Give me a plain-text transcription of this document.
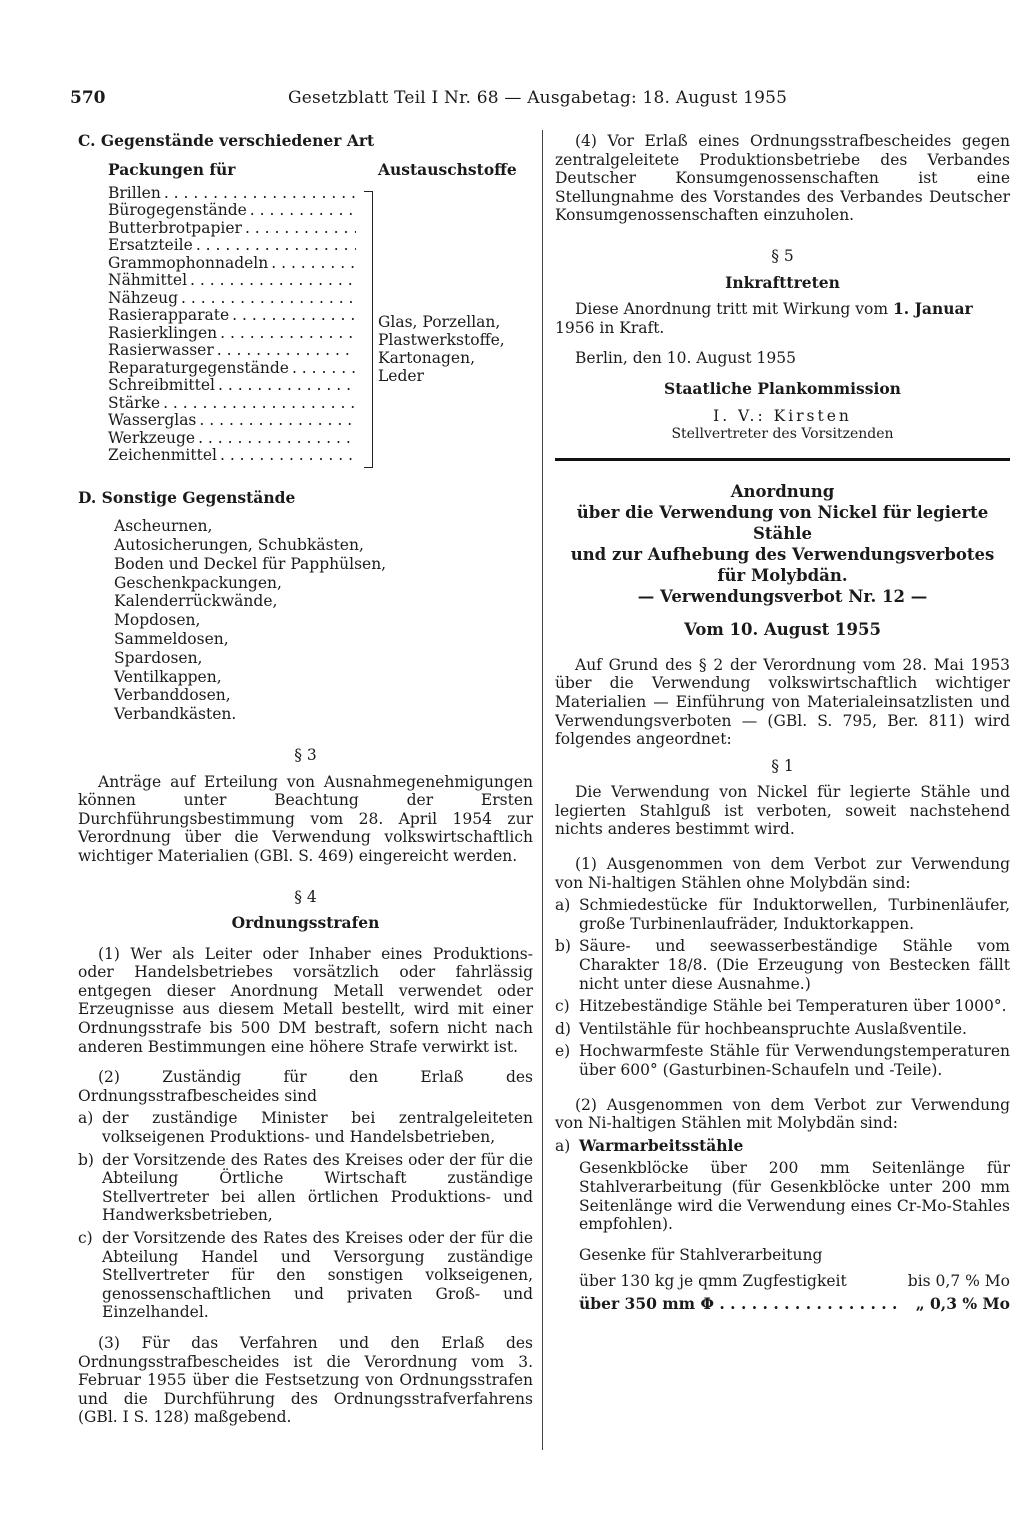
570	Gesetzblatt Teil I Nr. 68 — Ausgabetag: 18. August 1955
C. Gegenstände verschiedener Art
Packungen für	Austauschstoffe
Brillen
. . .
Bürogegenstände
. . .
Butterbrotpapier
. . .
Ersatzteile
. . .
Grammophonnadeln
. . .
Nähmittel
. . .
Nähzeug
. . .
Rasierapparate
. . .
Rasierklingen
. . .
Rasierwasser
. . .
Reparaturgegenstände
. . .
Schreibmittel
. . .
Stärke
. . .
Wasserglas
. . .
Werkzeuge
. . .
Zeichenmittel
. . .
Glas, Porzellan,
Plastwerkstoffe,
Kartonagen,
Leder
D. Sonstige Gegenstände
Ascheurnen,
Autosicherungen, Schubkästen,
Boden und Deckel für Papphülsen,
Geschenkpackungen,
Kalenderrückwände,
Mopdosen,
Sammeldosen,
Spardosen,
Ventilkappen,
Verbanddosen,
Verbandkästen.
§ 3

Anträge auf Erteilung von Ausnahmegenehmigungen können unter Beachtung der Ersten Durchführungsbestimmung vom 28. April 1954 zur Verordnung über die Verwendung volkswirtschaftlich wichtiger Materialien (GBl. S. 469) eingereicht werden.

§ 4
Ordnungsstrafen

(1) Wer als Leiter oder Inhaber eines Produktions- oder Handelsbetriebes vorsätzlich oder fahrlässig entgegen dieser Anordnung Metall verwendet oder Erzeugnisse aus diesem Metall bestellt, wird mit einer Ordnungsstrafe bis 500 DM bestraft, sofern nicht nach anderen Bestimmungen eine höhere Strafe verwirkt ist.

(2) Zuständig für den Erlaß des Ordnungsstrafbescheides sind

a) der zuständige Minister bei zentralgeleiteten volkseigenen Produktions- und Handelsbetrieben,
b) der Vorsitzende des Rates des Kreises oder der für die Abteilung Örtliche Wirtschaft zuständige Stellvertreter bei allen örtlichen Produktions- und Handwerksbetrieben,
c) der Vorsitzende des Rates des Kreises oder der für die Abteilung Handel und Versorgung zuständige Stellvertreter für den sonstigen volkseigenen, genossenschaftlichen und privaten Groß- und Einzelhandel.

(3) Für das Verfahren und den Erlaß des Ordnungsstrafbescheides ist die Verordnung vom 3. Februar 1955 über die Festsetzung von Ordnungsstrafen und die Durchführung des Ordnungsstrafverfahrens (GBl. I S. 128) maßgebend.

(4) Vor Erlaß eines Ordnungsstrafbescheides gegen zentralgeleitete Produktionsbetriebe des Verbandes Deutscher Konsumgenossenschaften ist eine Stellungnahme des Vorstandes des Verbandes Deutscher Konsumgenossenschaften einzuholen.

§ 5
Inkrafttreten

Diese Anordnung tritt mit Wirkung vom 1. Januar
1956 in Kraft.

Berlin, den 10. August 1955

Staatliche Plankommission
I. V.: Kirsten
Stellvertreter des Vorsitzenden
Anordnung
über die Verwendung von Nickel für legierte Stähle
und zur Aufhebung des Verwendungsverbotes
für Molybdän.
— Verwendungsverbot Nr. 12 —
Vom 10. August 1955

Auf Grund des § 2 der Verordnung vom 28. Mai 1953 über die Verwendung volkswirtschaftlich wichtiger Materialien — Einführung von Materialeinsatzlisten und Verwendungsverboten — (GBl. S. 795, Ber. 811) wird folgendes angeordnet:

§ 1

Die Verwendung von Nickel für legierte Stähle und legierten Stahlguß ist verboten, soweit nachstehend nichts anderes bestimmt wird.

(1) Ausgenommen von dem Verbot zur Verwendung von Ni-haltigen Stählen ohne Molybdän sind:

a) Schmiedestücke für Induktorwellen, Turbinenläufer, große Turbinenlaufräder, Induktorkappen.
b) Säure- und seewasserbeständige Stähle vom Charakter 18/8. (Die Erzeugung von Bestecken fällt nicht unter diese Ausnahme.)
c) Hitzebeständige Stähle bei Temperaturen über 1000°.
d) Ventilstähle für hochbeanspruchte Auslaßventile.
e) Hochwarmfeste Stähle für Verwendungstemperaturen über 600° (Gasturbinen-Schaufeln und -Teile).

(2) Ausgenommen von dem Verbot zur Verwendung von Ni-haltigen Stählen mit Molybdän sind:

a) Warmarbeitsstähle

Gesenkblöcke über 200 mm Seitenlänge für Stahlverarbeitung (für Gesenkblöcke unter 200 mm Seitenlänge wird die Verwendung eines Cr-Mo-Stahles empfohlen).

Gesenke für Stahlverarbeitung
über 130 kg je qmm Zugfestigkeit	bis 0,7 % Mo
über 350 mm Φ . . . . . . . . . . . . . . . . . „ 0,3 % Mo
